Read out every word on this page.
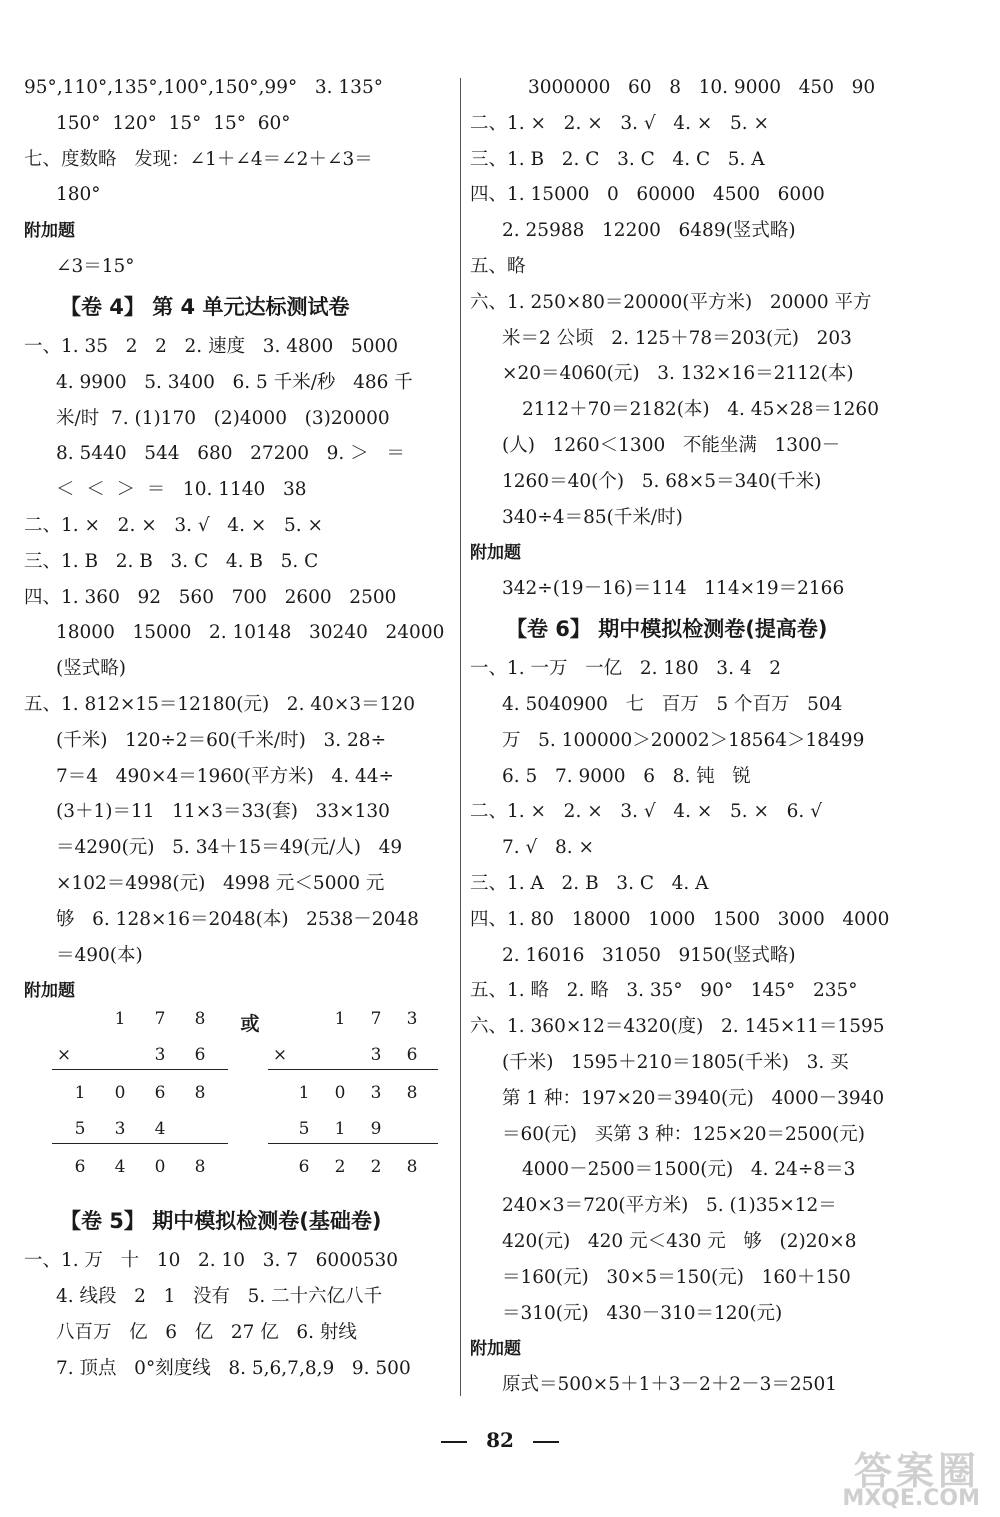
95°,110°,135°,100°,150°,99°   3. 135°
150°  120°  15°  15°  60°
七、度数略   发现：∠1＋∠4＝∠2＋∠3＝
180°
附加题
∠3＝15°
【卷 4】 第 4 单元达标测试卷
一、1. 35   2   2   2. 速度   3. 4800   5000
4. 9900   5. 3400   6. 5 千米/秒   486 千
米/时  7. (1)170   (2)4000   (3)20000
8. 5440   544   680   27200   9. ＞   ＝
＜  ＜  ＞  ＝   10. 1140   38
二、1. ×   2. ×   3. √   4. ×   5. ×
三、1. B   2. B   3. C   4. B   5. C
四、1. 360   92   560   700   2600   2500
18000   15000   2. 10148   30240   24000
(竖式略)
五、1. 812×15＝12180(元)   2. 40×3＝120
(千米)   120÷2＝60(千米/时)   3. 28÷
7＝4   490×4＝1960(平方米)   4. 44÷
(3＋1)＝11   11×3＝33(套)   33×130
＝4290(元)   5. 34＋15＝49(元/人)   49
×102＝4998(元)   4998 元＜5000 元
够   6. 128×16＝2048(本)   2538－2048
＝490(本)
附加题
1 7 8
×	3 6
1 0 6 8
5 3 4
6 4 0 8
或	1 7 3
×	3 6
1 0 3 8
5 1 9
6 2 2 8
【卷 5】 期中模拟检测卷(基础卷)
一、1. 万   十   10   2. 10   3. 7   6000530
4. 线段   2   1   没有   5. 二十六亿八千
八百万   亿   6   亿   27 亿   6. 射线
7. 顶点   0°刻度线   8. 5,6,7,8,9   9. 500
3000000   60   8   10. 9000   450   90
二、1. ×   2. ×   3. √   4. ×   5. ×
三、1. B   2. C   3. C   4. C   5. A
四、1. 15000   0   60000   4500   6000
2. 25988   12200   6489(竖式略)
五、略
六、1. 250×80＝20000(平方米)   20000 平方
米＝2 公顷   2. 125＋78＝203(元)   203
×20＝4060(元)   3. 132×16＝2112(本)
2112＋70＝2182(本)   4. 45×28＝1260
(人)   1260＜1300   不能坐满   1300－
1260＝40(个)   5. 68×5＝340(千米)
340÷4＝85(千米/时)
附加题
342÷(19－16)＝114   114×19＝2166
【卷 6】 期中模拟检测卷(提高卷)
一、1. 一万   一亿   2. 180   3. 4   2
4. 5040900   七   百万   5 个百万   504
万   5. 100000＞20002＞18564＞18499
6. 5   7. 9000   6   8. 钝   锐
二、1. ×   2. ×   3. √   4. ×   5. ×   6. √
7. √   8. ×
三、1. A   2. B   3. C   4. A
四、1. 80   18000   1000   1500   3000   4000
2. 16016   31050   9150(竖式略)
五、1. 略   2. 略   3. 35°   90°   145°   235°
六、1. 360×12＝4320(度)   2. 145×11＝1595
(千米)   1595＋210＝1805(千米)   3. 买
第 1 种：197×20＝3940(元)   4000－3940
＝60(元)   买第 3 种：125×20＝2500(元)
4000－2500＝1500(元)   4. 24÷8＝3
240×3＝720(平方米)   5. (1)35×12＝
420(元)   420 元＜430 元   够   (2)20×8
＝160(元)   30×5＝150(元)   160＋150
＝310(元)   430－310＝120(元)
附加题
原式＝500×5＋1＋3－2＋2－3＝2501
82
答案圈
MXQE.COM
